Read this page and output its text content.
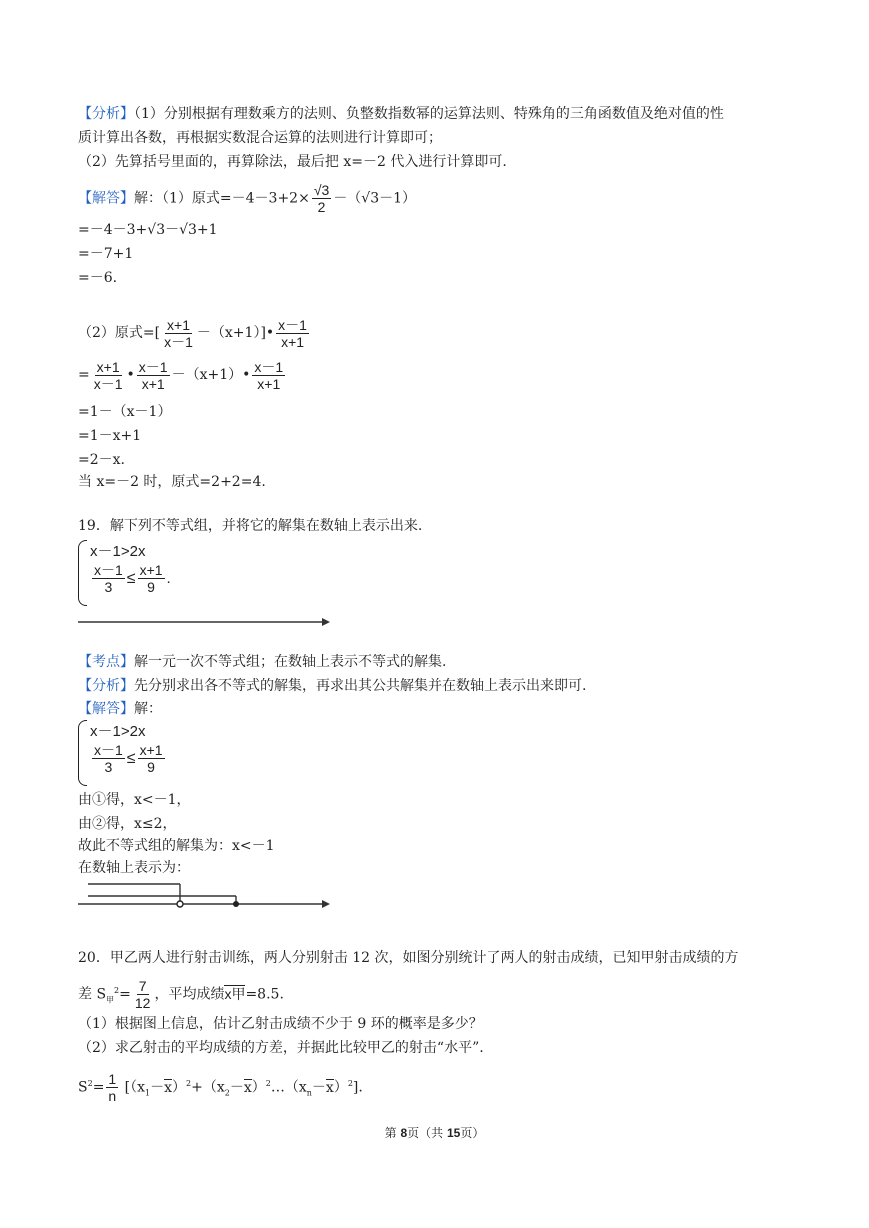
【分析】（1）分别根据有理数乘方的法则、负整数指数幂的运算法则、特殊角的三角函数值及绝对值的性
质计算出各数，再根据实数混合运算的法则进行计算即可；
（2）先算括号里面的，再算除法，最后把 x=－2 代入进行计算即可.
【解答】解：（1）原式$=-4-3+2\times \frac{√3}{2} -(√3-1)$
=－4－3+√3－√3+1
=－7+1
=－6.
（2）原式=[ $\frac{x+1}{x-1}$ －（x+1）]• $\frac{x-1}{x+1}$
= $\frac{x+1}{x-1}$ • $\frac{x-1}{x+1}$ －（x+1）• $\frac{x-1}{x+1}$
=1－（x－1）
=1－x+1
=2－x.
当 x=－2 时，原式=2+2=4.
19．解下列不等式组，并将它的解集在数轴上表示出来.
x－1>2x
$\frac{x-1}{3} \le \frac{x+1}{9}$ .
【考点】解一元一次不等式组；在数轴上表示不等式的解集.
【分析】先分别求出各不等式的解集，再求出其公共解集并在数轴上表示出来即可.
【解答】解：
x－1>2x
$\frac{x-1}{3} \le \frac{x+1}{9}$
由①得，x<－1，
由②得，x≤2，
故此不等式组的解集为：x<－1
在数轴上表示为：
20．甲乙两人进行射击训练，两人分别射击 12 次，如图分别统计了两人的射击成绩，已知甲射击成绩的方
差 $S_甲^2= \frac{7}{12}$ ，平均成绩x甲=8.5.
（1）根据图上信息，估计乙射击成绩不少于 9 环的概率是多少？
（2）求乙射击的平均成绩的方差，并据此比较甲乙的射击“水平”.
$S^2= \frac{1}{n}$ $[(x_1-x)^2+(x_2-x)^2\dots(x_n-x)^2]$.
第 8页（共 15页）
